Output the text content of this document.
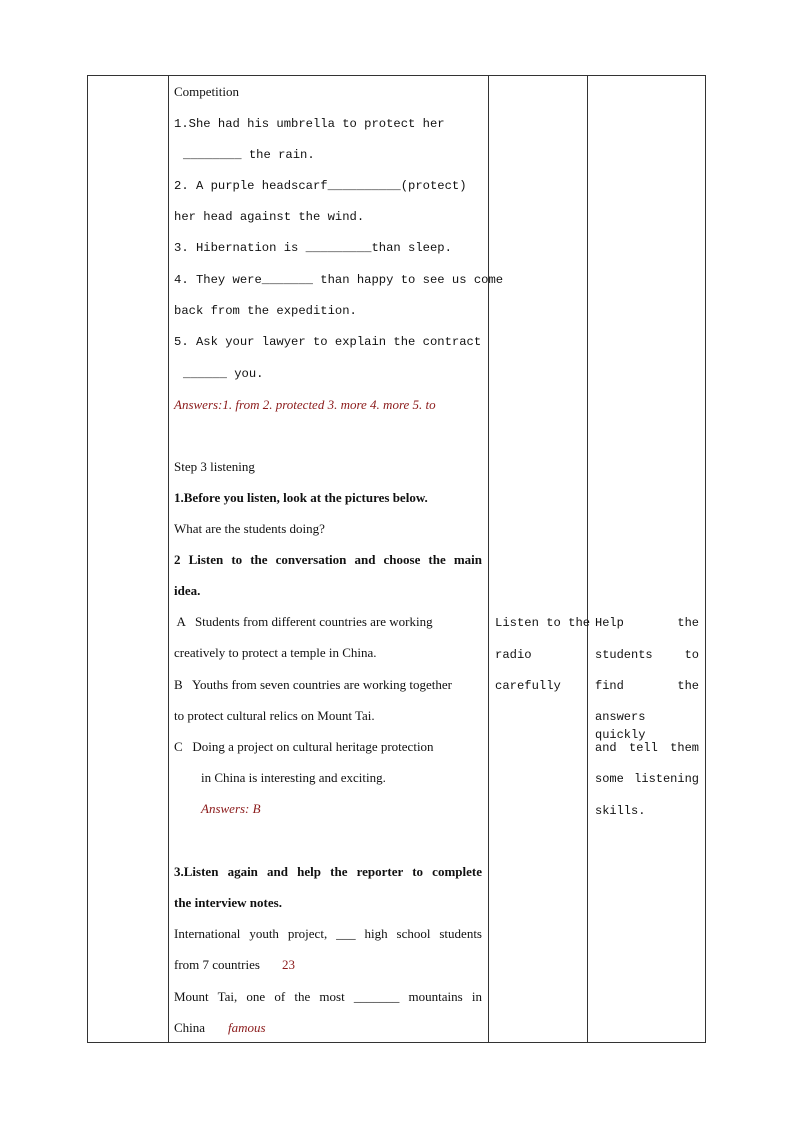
Competition
1.She had his umbrella to protect her
________ the rain.
2. A purple headscarf__________(protect)
her head against the wind.
3. Hibernation is _________than sleep.
4. They were_______ than happy to see us come
back from the expedition.
5. Ask your lawyer to explain the contract
______ you.
Answers:1. from 2. protected 3. more 4. more 5. to
Step 3 listening
1.Before you listen, look at the pictures below.
What are the students doing?
2 Listen to the conversation and choose the main
idea.
A   Students from different countries are working
creatively to protect a temple in China.
B   Youths from seven countries are working together
to protect cultural relics on Mount Tai.
C   Doing a project on cultural heritage protection
in China is interesting and exciting.
Answers: B
3.Listen again and help the reporter to complete
the interview notes.
International youth project, ___ high school students
from 7 countries 23
Mount Tai, one of the most _______ mountains in
China famous
Listen to the
radio
carefully
Help the
students to
find the
answers quickly
and tell them
some listening
skills.
